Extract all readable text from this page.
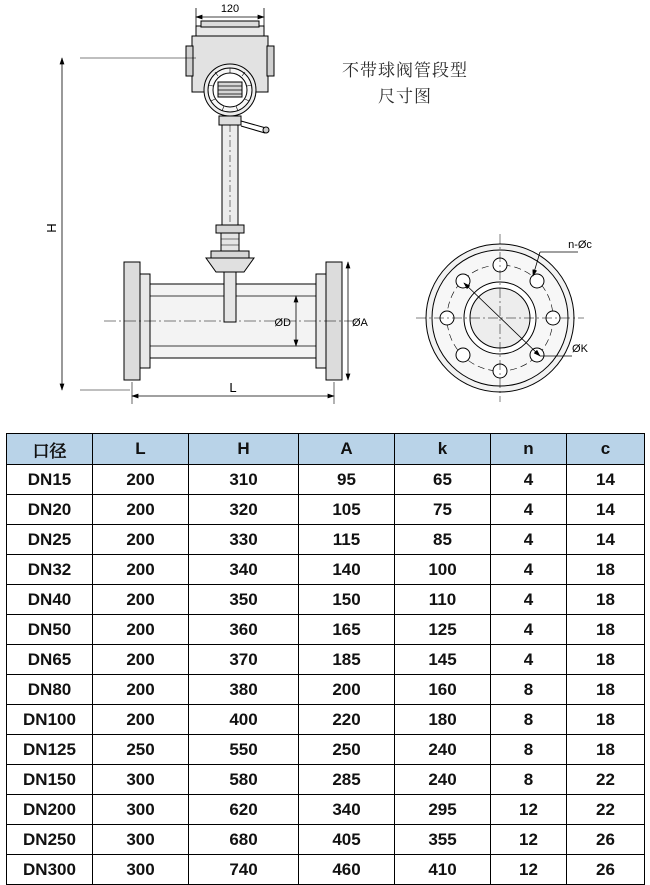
120
H
ØD	ØA
L
n-Øc
ØK
不带球阀管段型
尺寸图
口径	L	H	A	k	n	c
DN15	200	310	95	65	4	14
DN20	200	320	105	75	4	14
DN25	200	330	115	85	4	14
DN32	200	340	140	100	4	18
DN40	200	350	150	110	4	18
DN50	200	360	165	125	4	18
DN65	200	370	185	145	4	18
DN80	200	380	200	160	8	18
DN100	200	400	220	180	8	18
DN125	250	550	250	240	8	18
DN150	300	580	285	240	8	22
DN200	300	620	340	295	12	22
DN250	300	680	405	355	12	26
DN300	300	740	460	410	12	26
